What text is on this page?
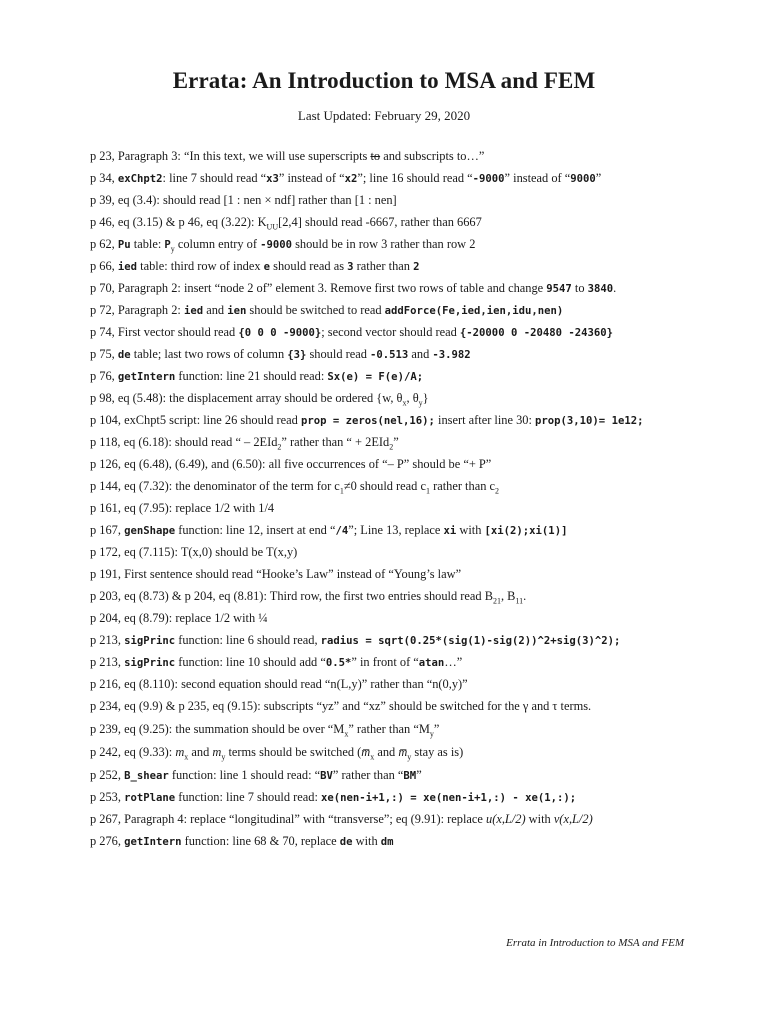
Errata: An Introduction to MSA and FEM
Last Updated: February 29, 2020
p 23, Paragraph 3: “In this text, we will use superscripts to and subscripts to…”
p 34, exChpt2: line 7 should read “x3” instead of “x2”; line 16 should read “-9000” instead of “9000”
p 39, eq (3.4): should read [1 : nen × ndf] rather than [1 : nen]
p 46, eq (3.15) & p 46, eq (3.22): $K_{UU}[2,4]$ should read -6667, rather than 6667
p 62, Pu table: $P_y$ column entry of -9000 should be in row 3 rather than row 2
p 66, ied table: third row of index e should read as 3 rather than 2
p 70, Paragraph 2: insert “node 2 of” element 3. Remove first two rows of table and change 9547 to 3840.
p 72, Paragraph 2: ied and ien should be switched to read addForce(Fe,ied,ien,idu,nen)
p 74, First vector should read {0 0 0 -9000}; second vector should read {-20000 0 -20480 -24360}
p 75, de table; last two rows of column {3} should read -0.513 and -3.982
p 76, getIntern function: line 21 should read: Sx(e) = F(e)/A;
p 98, eq (5.48): the displacement array should be ordered {w, $\theta_x$, $\theta_y$}
p 104, exChpt5 script: line 26 should read prop = zeros(nel,16); insert after line 30: prop(3,10)= 1e12;
p 118, eq (6.18): should read “ – 2EId$_2$” rather than “ + 2EId$_2$”
p 126, eq (6.48), (6.49), and (6.50): all five occurrences of “– P” should be “+ P”
p 144, eq (7.32): the denominator of the term for $c_1\ne 0$ should read $c_1$ rather than $c_2$
p 161, eq (7.95): replace 1/2 with 1/4
p 167, genShape function: line 12, insert at end “/4”; Line 13, replace xi with [xi(2);xi(1)]
p 172, eq (7.115): T(x,0) should be T(x,y)
p 191, First sentence should read “Hooke’s Law” instead of “Young’s law”
p 203, eq (8.73) & p 204, eq (8.81): Third row, the first two entries should read $B_{21}$, $B_{11}$.
p 204, eq (8.79): replace 1/2 with ¼
p 213, sigPrinc function: line 6 should read, radius = sqrt(0.25*(sig(1)-sig(2))^2+sig(3)^2);
p 213, sigPrinc function: line 10 should add “0.5*” in front of “atan…”
p 216, eq (8.110): second equation should read “n(L,y)” rather than “n(0,y)”
p 234, eq (9.9) & p 235, eq (9.15): subscripts “yz” and “xz” should be switched for the γ and τ terms.
p 239, eq (9.25): the summation should be over “$M_x$” rather than “$M_y$”
p 242, eq (9.33): $m_x$ and $m_y$ terms should be switched ($m̅_x$ and $m̅_y$ stay as is)
p 252, B_shear function: line 1 should read: “BV” rather than “BM”
p 253, rotPlane function: line 7 should read: xe(nen-i+1,:) = xe(nen-i+1,:) - xe(1,:);
p 267, Paragraph 4: replace “longitudinal” with “transverse”; eq (9.91): replace u(x,L/2) with v(x,L/2)
p 276, getIntern function: line 68 & 70, replace de with dm
Errata in Introduction to MSA and FEM
